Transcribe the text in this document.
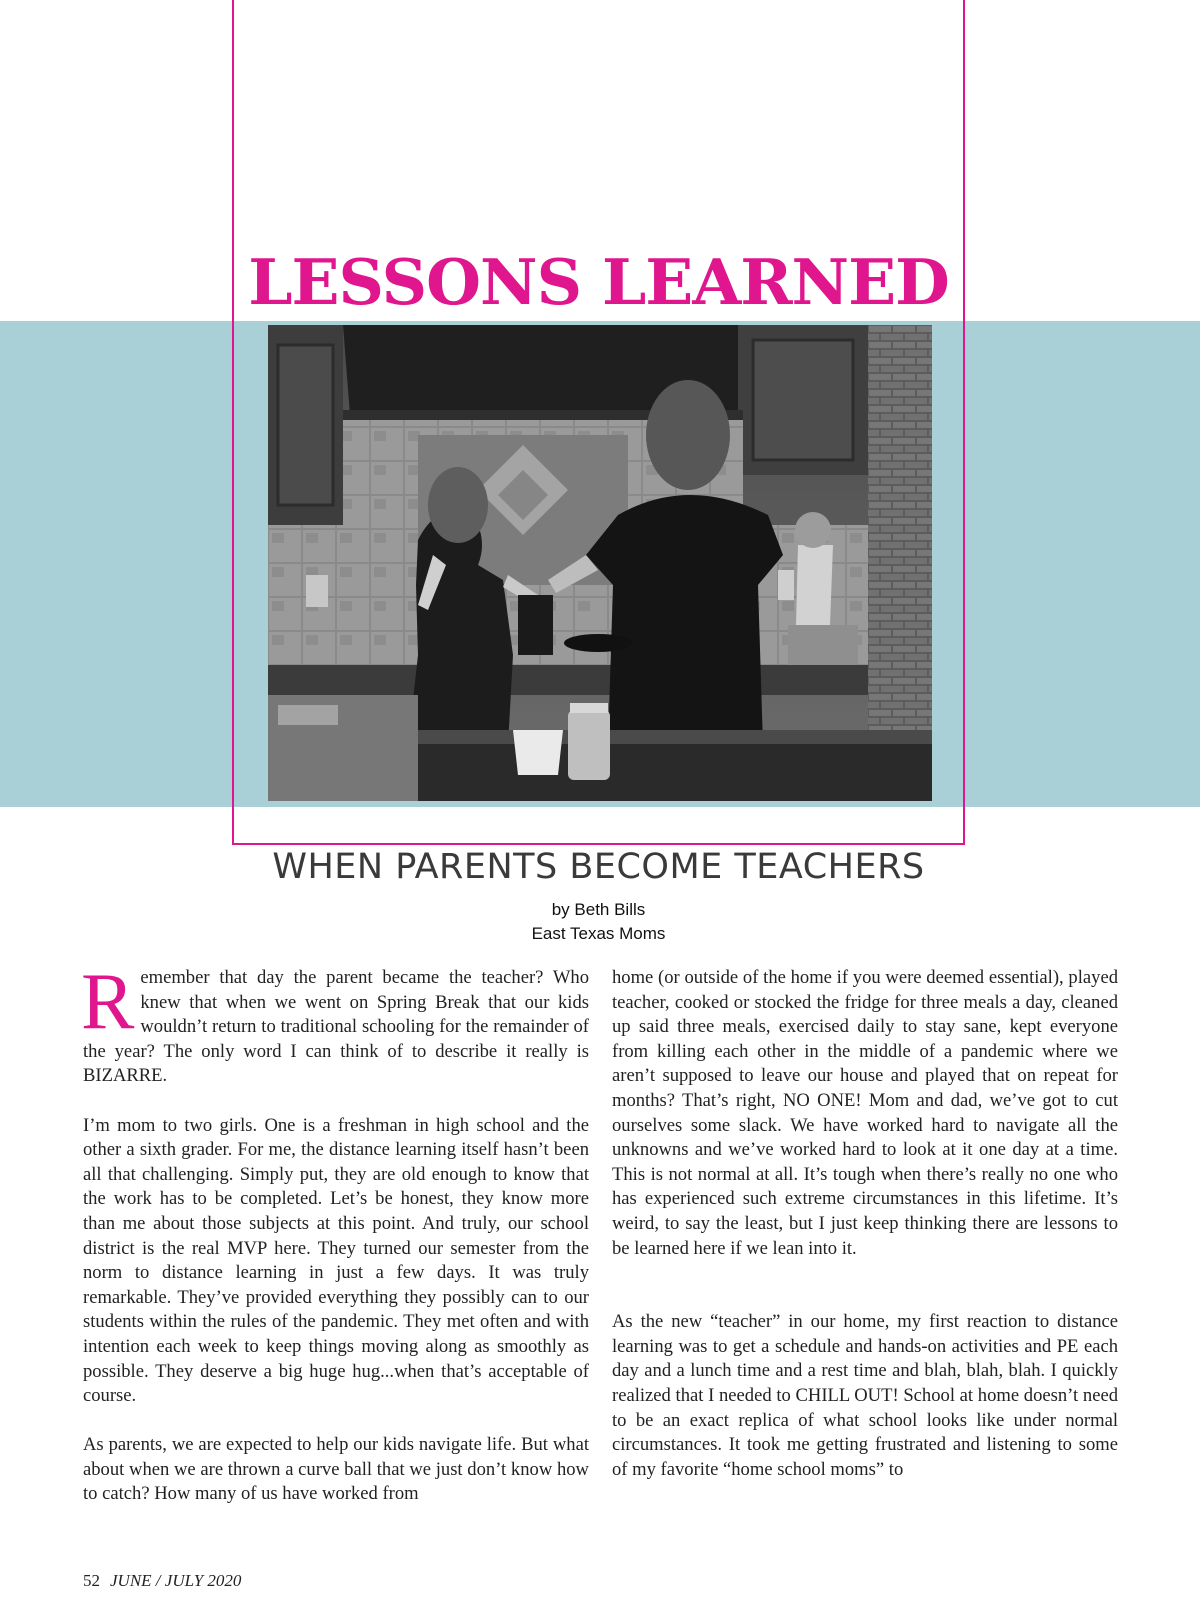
LESSONS LEARNED
WHEN PARENTS BECOME TEACHERS
by Beth Bills
East Texas Moms

Remember that day the parent became the teacher? Who knew that when we went on Spring Break that our kids wouldn’t return to traditional schooling for the remainder of the year? The only word I can think of to describe it really is BIZARRE.

I’m mom to two girls. One is a freshman in high school and the other a sixth grader. For me, the distance learning itself hasn’t been all that challenging. Simply put, they are old enough to know that the work has to be completed. Let’s be honest, they know more than me about those subjects at this point. And truly, our school district is the real MVP here. They turned our semester from the norm to distance learning in just a few days. It was truly remarkable. They’ve provided everything they possibly can to our students within the rules of the pandemic. They met often and with intention each week to keep things moving along as smoothly as possible. They deserve a big huge hug...when that’s acceptable of course.

As parents, we are expected to help our kids navigate life. But what about when we are thrown a curve ball that we just don’t know how to catch? How many of us have worked from

home (or outside of the home if you were deemed essential), played teacher, cooked or stocked the fridge for three meals a day, cleaned up said three meals, exercised daily to stay sane, kept everyone from killing each other in the middle of a pandemic where we aren’t supposed to leave our house and played that on repeat for months? That’s right, NO ONE! Mom and dad, we’ve got to cut ourselves some slack. We have worked hard to navigate all the unknowns and we’ve worked hard to look at it one day at a time. This is not normal at all. It’s tough when there’s really no one who has experienced such extreme circumstances in this lifetime. It’s weird, to say the least, but I just keep thinking there are lessons to be learned here if we lean into it.

As the new “teacher” in our home, my first reaction to distance learning was to get a schedule and hands-on activities and PE each day and a lunch time and a rest time and blah, blah, blah. I quickly realized that I needed to CHILL OUT! School at home doesn’t need to be an exact replica of what school looks like under normal circumstances. It took me getting frustrated and listening to some of my favorite “home school moms” to

52 JUNE / JULY 2020
